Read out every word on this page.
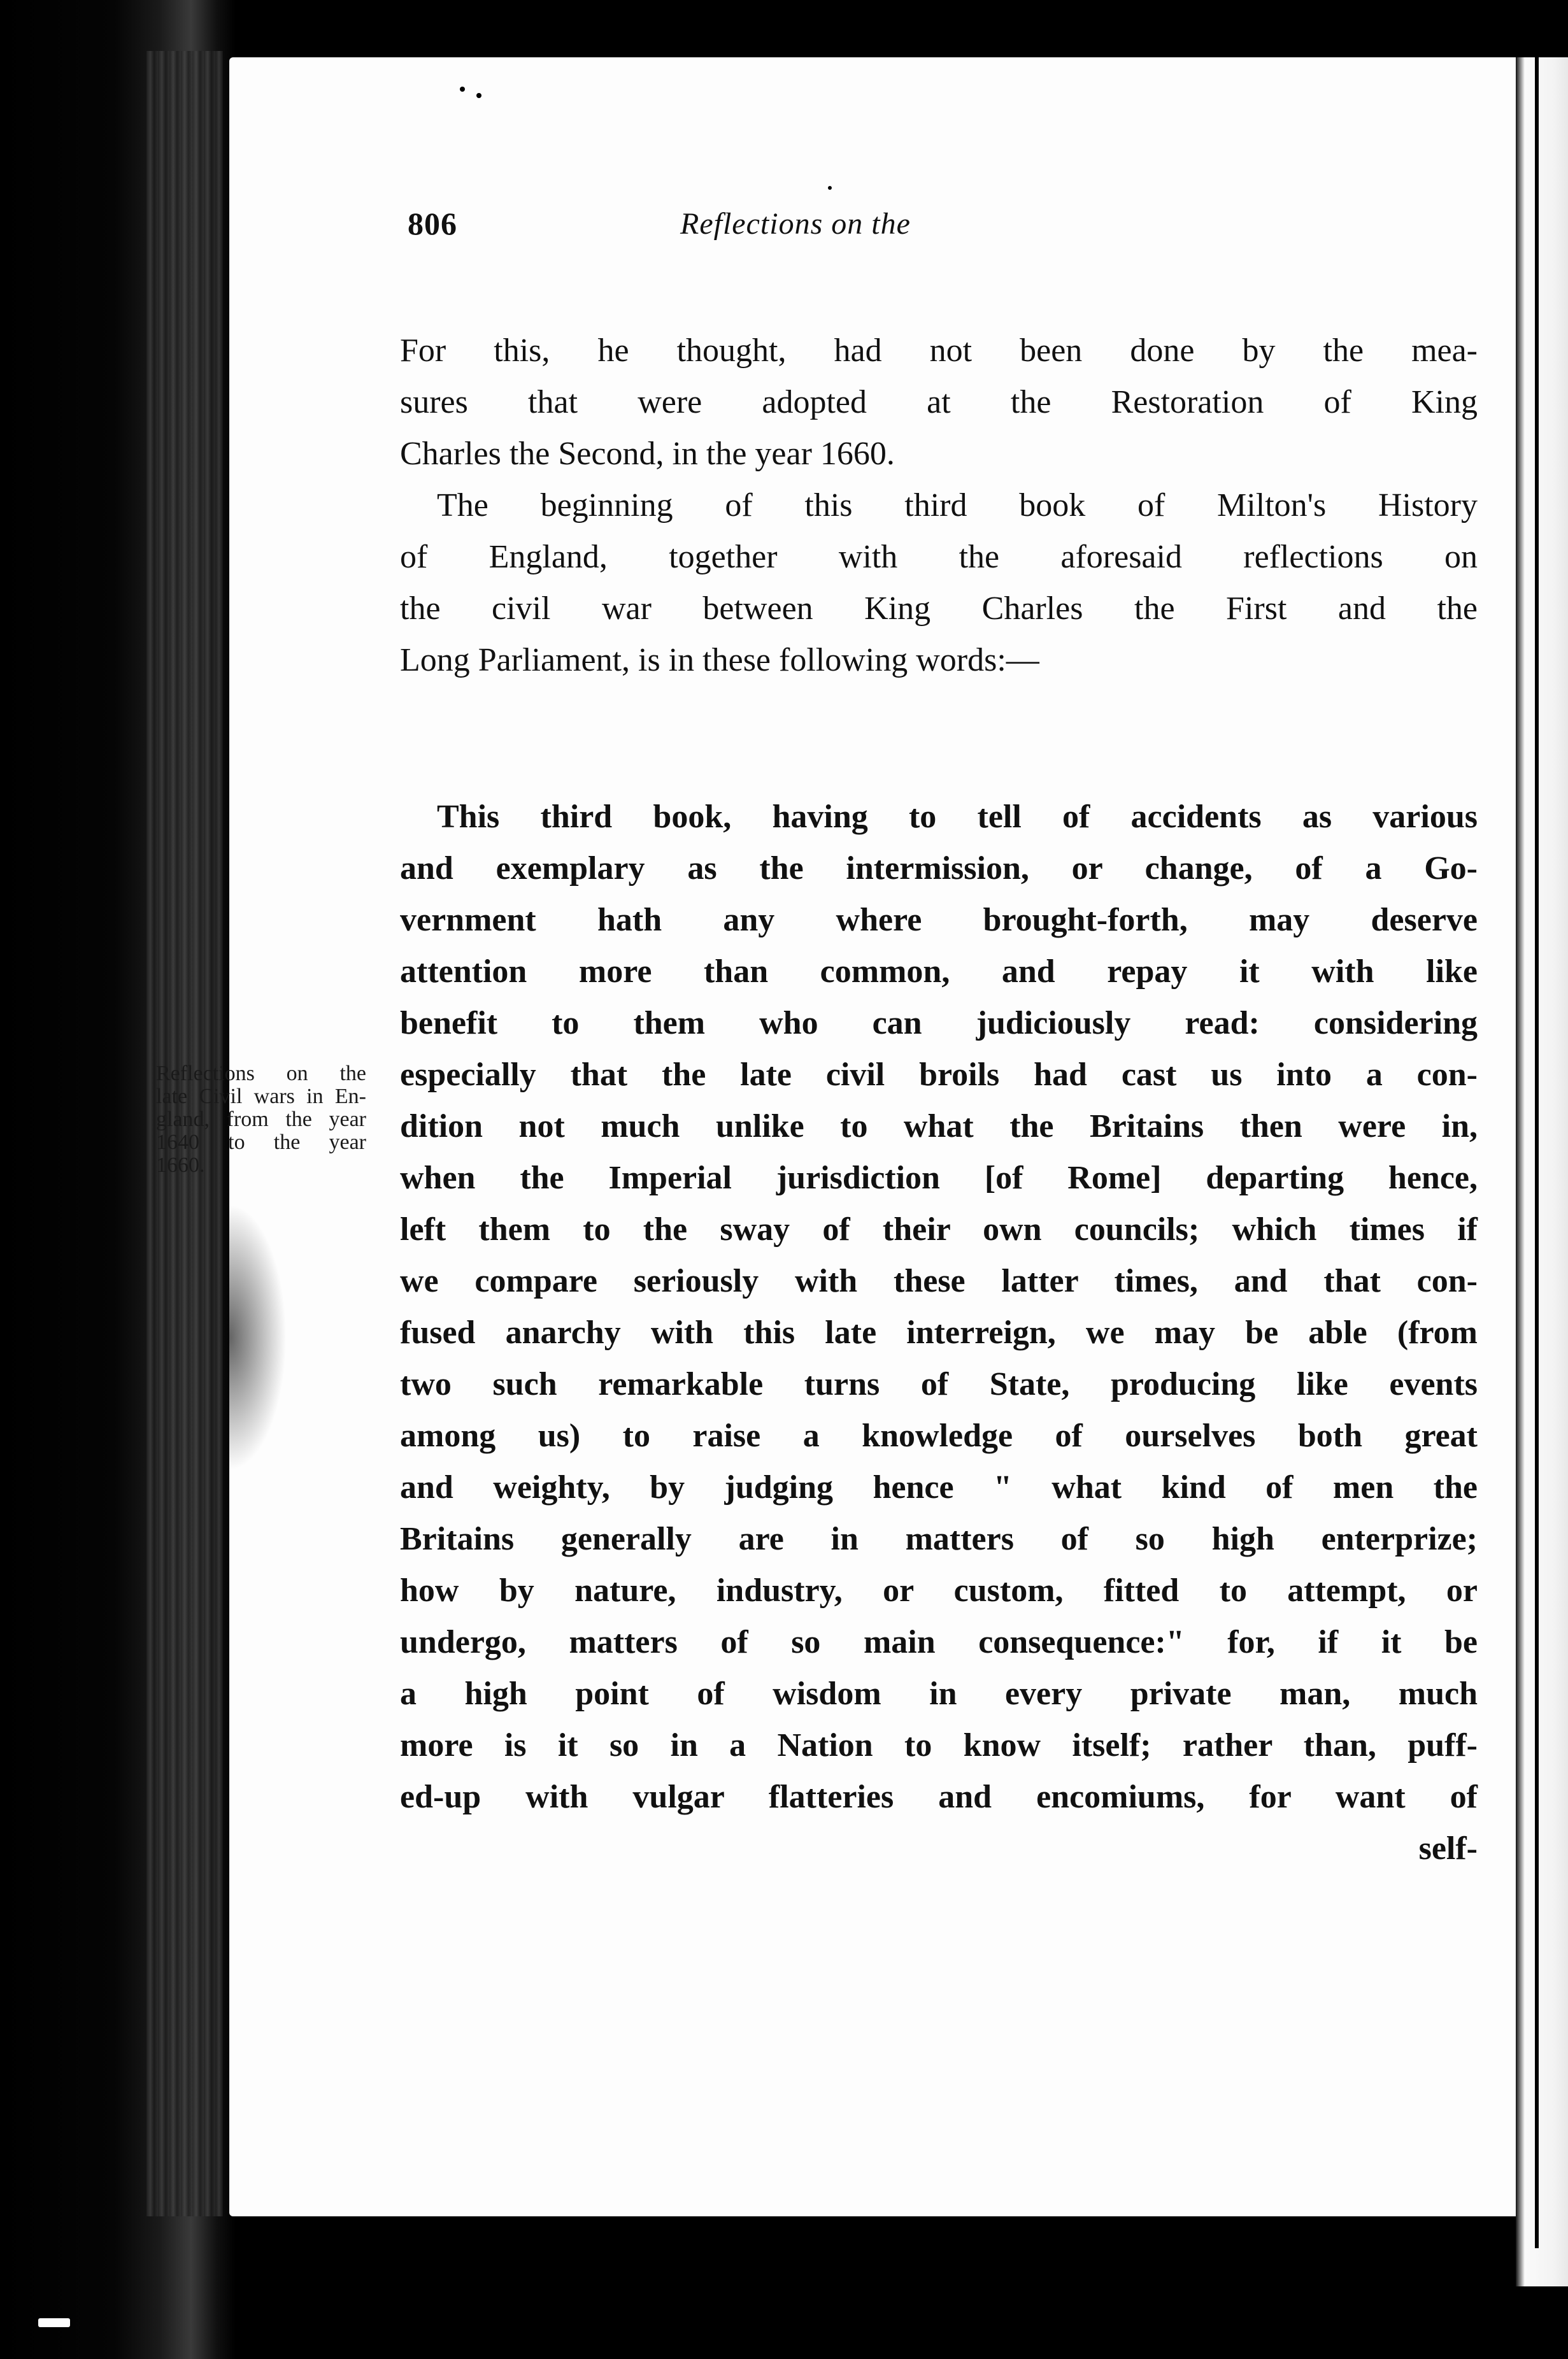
806	Reflections on the
For this, he thought, had not been done by the mea-
sures that were adopted at the Restoration of King
Charles the Second, in the year 1660.
The beginning of this third book of Milton's History
of England, together with the aforesaid reflections on
the civil war between King Charles the First and the
Long Parliament, is in these following words:—
This third book, having to tell of accidents as various
and exemplary as the intermission, or change, of a Go-
vernment hath any where brought-forth, may deserve
attention more than common, and repay it with like
benefit to them who can judiciously read: considering
especially that the late civil broils had cast us into a con-
dition not much unlike to what the Britains then were in,
when the Imperial jurisdiction [of Rome] departing hence,
left them to the sway of their own councils; which times if
we compare seriously with these latter times, and that con-
fused anarchy with this late interreign, we may be able (from
two such remarkable turns of State, producing like events
among us) to raise a knowledge of ourselves both great
and weighty, by judging hence " what kind of men the
Britains generally are in matters of so high enterprize;
how by nature, industry, or custom, fitted to attempt, or
undergo, matters of so main consequence:" for, if it be
a high point of wisdom in every private man, much
more is it so in a Nation to know itself; rather than, puff-
ed-up with vulgar flatteries and encomiums, for want of
self-
Reflections on the
late Civil wars in En-
gland, from the year
1640 to the year
1660.
